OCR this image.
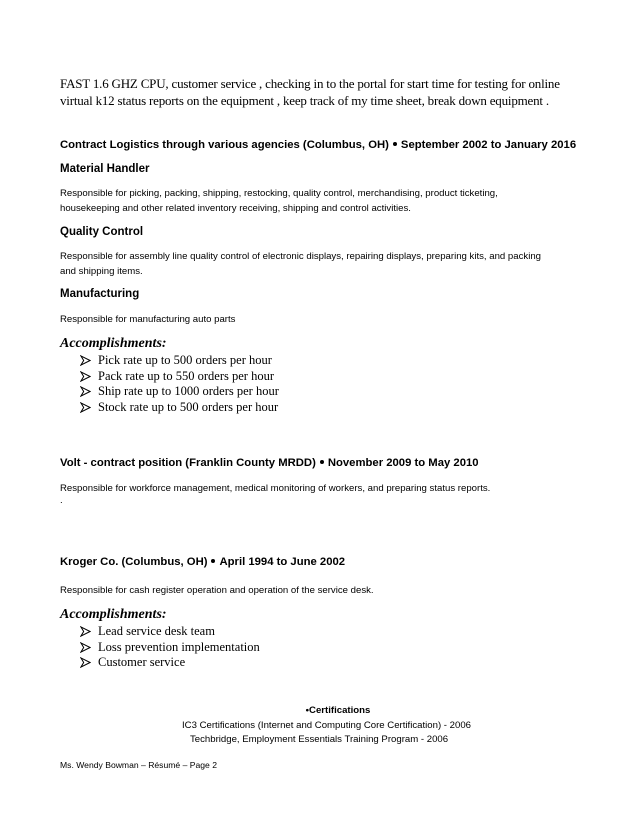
FAST 1.6 GHZ CPU, customer service , checking in to the portal for start time for testing for online
virtual k12 status reports on the equipment , keep track of my time sheet, break down equipment .
Contract Logistics through various agencies (Columbus, OH) September 2002 to January 2016
Material Handler
Responsible for picking, packing, shipping, restocking, quality control, merchandising, product ticketing,
housekeeping and other related inventory receiving, shipping and control activities.
Quality Control
Responsible for assembly line quality control of electronic displays, repairing displays, preparing kits, and packing
and shipping items.
Manufacturing
Responsible for manufacturing auto parts
Accomplishments:
Pick rate up to 500 orders per hour
Pack rate up to 550 orders per hour
Ship rate up to 1000 orders per hour
Stock rate up to 500 orders per hour
Volt - contract position (Franklin County MRDD) November 2009 to May 2010
Responsible for workforce management, medical monitoring of workers, and preparing status reports.
.
Kroger Co. (Columbus, OH) April 1994 to June 2002
Responsible for cash register operation and operation of the service desk.
Accomplishments:
Lead service desk team
Loss prevention implementation
Customer service
•Certifications
IC3 Certifications (Internet and Computing Core Certification) - 2006
Techbridge, Employment Essentials Training Program - 2006
Ms. Wendy Bowman – Résumé – Page 2
